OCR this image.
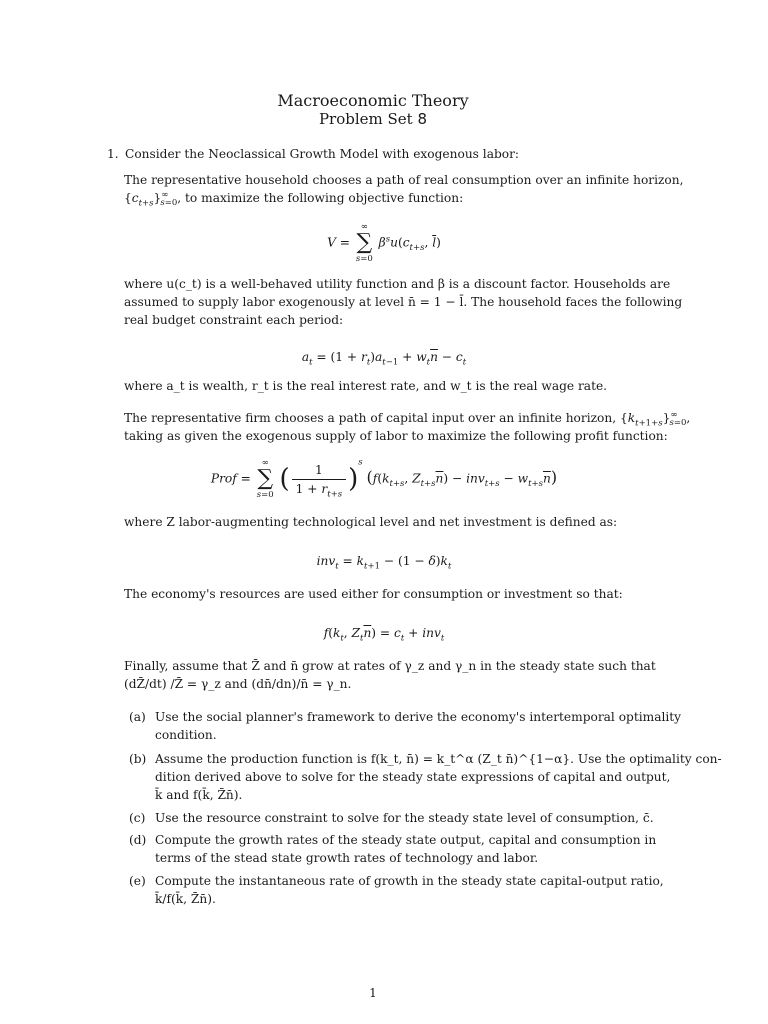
Macroeconomic Theory
Problem Set 8
1. Consider the Neoclassical Growth Model with exogenous labor:
The representative household chooses a path of real consumption over an infinite horizon,
$\{c_{t+s}\}^\infty_{s=0}$, to maximize the following objective function:
V =
∞
∑
s=0
$\beta^su(c_{t+s}$, $\overline{l}$)
where u(c_t) is a well-behaved utility function and β is a discount factor. Households are
assumed to supply labor exogenously at level n̄ = 1 − l̄. The household faces the following
real budget constraint each period:
$a_t = (1 + r_t)a_{t-1} + w_t\overline{n} - c_t$
where a_t is wealth, r_t is the real interest rate, and w_t is the real wage rate.
The representative firm chooses a path of capital input over an infinite horizon, $\{k_{t+1+s}\}^\infty_{s=0}$,
taking as given the exogenous supply of labor to maximize the following profit function:
Prof =
∞
∑
s=0
( $\frac{1}{1 + r_{t+s}} )^s$ ($f(k_{t+s}$, $Z_{t+s}\overline{n}) - inv_{t+s} - w_{t+s}\overline{n}$)
where Z labor-augmenting technological level and net investment is defined as:
$inv_t = k_{t+1} - (1 - \delta)k_t$
The economy's resources are used either for consumption or investment so that:
$f(k_t$, $Z_t\overline{n}) = c_t + inv_t$
Finally, assume that Z̄ and n̄ grow at rates of γ_z and γ_n in the steady state such that
(dZ̄/dt) /Z̄ = γ_z and (dn̄/dn)/n̄ = γ_n.
(a) Use the social planner's framework to derive the economy's intertemporal optimality
condition.
(b) Assume the production function is f(k_t, n̄) = k_t^α (Z_t n̄)^{1−α}. Use the optimality con-
dition derived above to solve for the steady state expressions of capital and output,
k̄ and f(k̄, Z̄n̄).
(c) Use the resource constraint to solve for the steady state level of consumption, c̄.
(d) Compute the growth rates of the steady state output, capital and consumption in
terms of the stead state growth rates of technology and labor.
(e) Compute the instantaneous rate of growth in the steady state capital-output ratio,
k̄/f(k̄, Z̄n̄).
1
